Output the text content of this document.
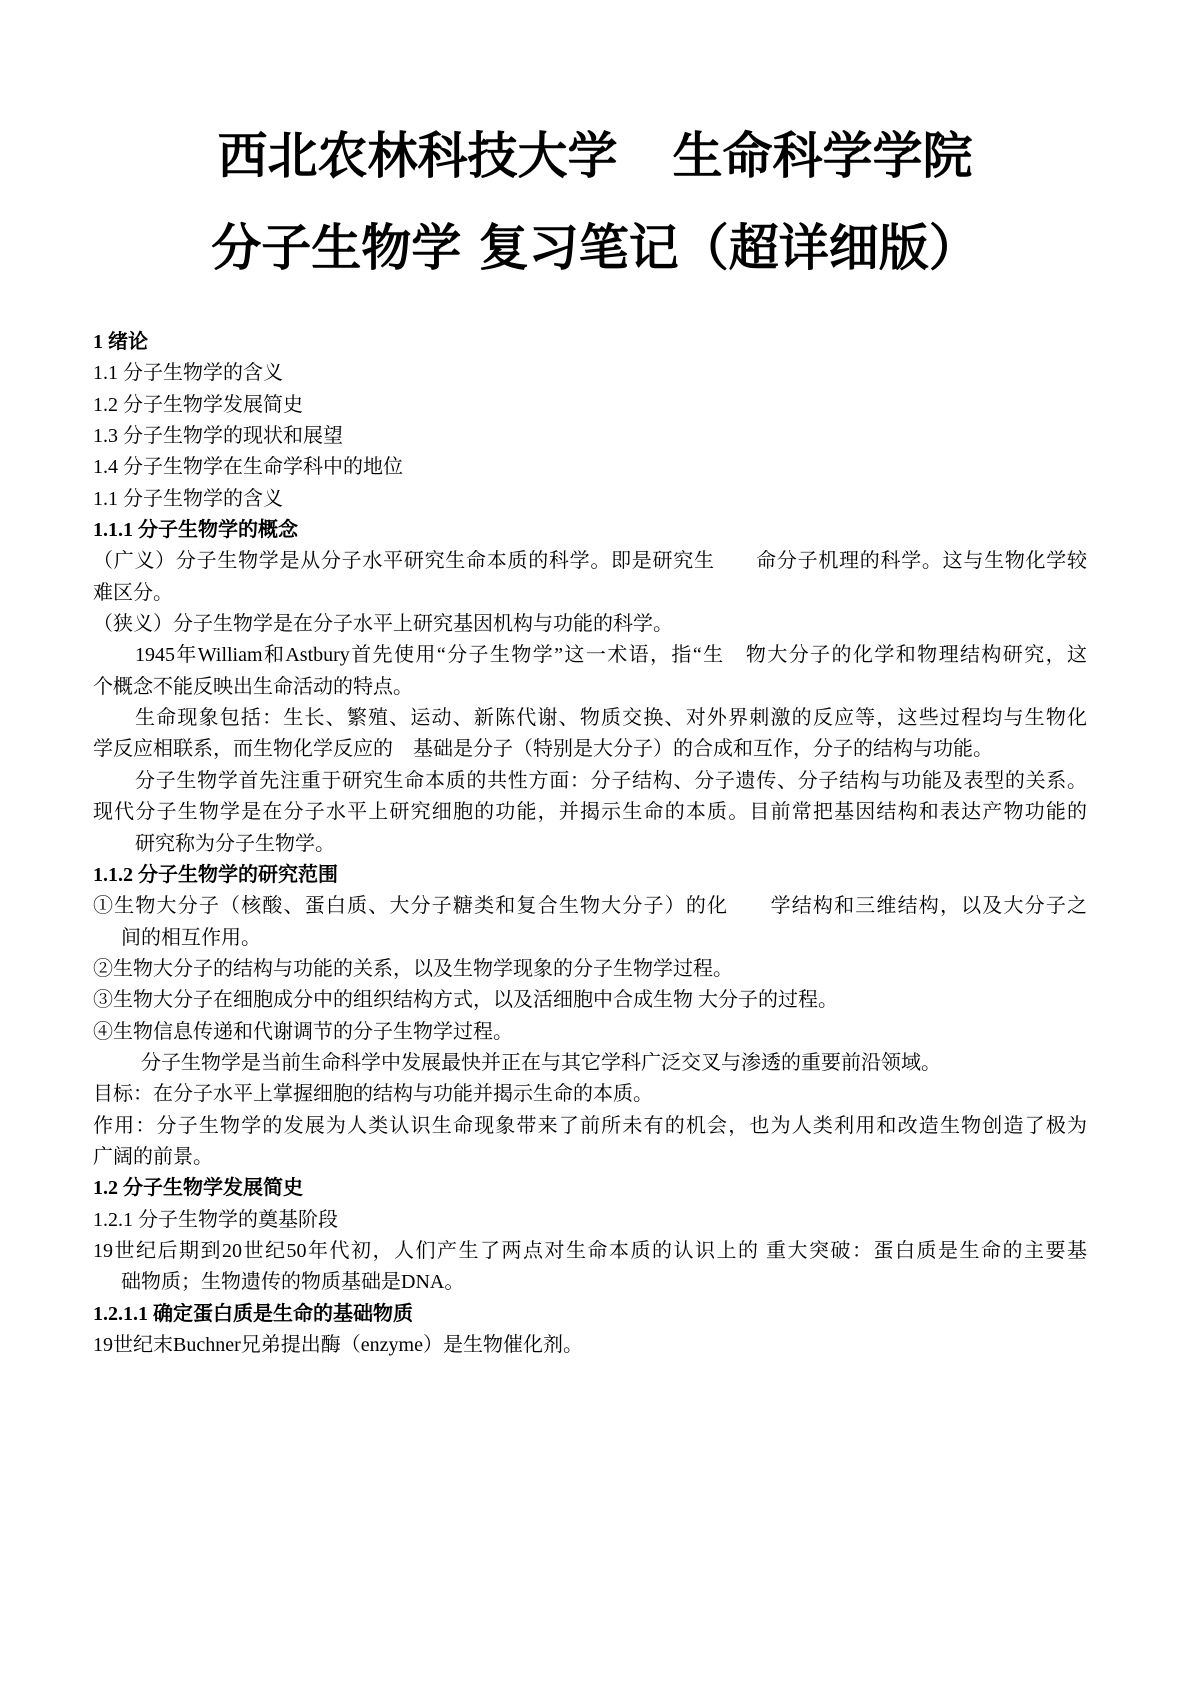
西北农林科技大学 生命科学学院
分子生物学 复习笔记（超详细版）
1 绪论
1.1 分子生物学的含义
1.2 分子生物学发展简史
1.3 分子生物学的现状和展望
1.4 分子生物学在生命学科中的地位
1.1 分子生物学的含义
1.1.1 分子生物学的概念
（广义）分子生物学是从分子水平研究生命本质的科学。即是研究生　　命分子机理的科学。这与生物化学较
难区分。
（狭义）分子生物学是在分子水平上研究基因机构与功能的科学。
1945年William和Astbury首先使用“分子生物学”这一术语，指“生　物大分子的化学和物理结构研究，这
个概念不能反映出生命活动的特点。
生命现象包括：生长、繁殖、运动、新陈代谢、物质交换、对外界刺激的反应等，这些过程均与生物化
学反应相联系，而生物化学反应的　基础是分子（特别是大分子）的合成和互作，分子的结构与功能。
分子生物学首先注重于研究生命本质的共性方面：分子结构、分子遗传、分子结构与功能及表型的关系。
现代分子生物学是在分子水平上研究细胞的功能，并揭示生命的本质。目前常把基因结构和表达产物功能的
研究称为分子生物学。
1.1.2 分子生物学的研究范围
①生物大分子（核酸、蛋白质、大分子糖类和复合生物大分子）的化　　学结构和三维结构，以及大分子之
间的相互作用。
②生物大分子的结构与功能的关系，以及生物学现象的分子生物学过程。
③生物大分子在细胞成分中的组织结构方式，以及活细胞中合成生物 大分子的过程。
④生物信息传递和代谢调节的分子生物学过程。
分子生物学是当前生命科学中发展最快并正在与其它学科广泛交叉与渗透的重要前沿领域。
目标：在分子水平上掌握细胞的结构与功能并揭示生命的本质。
作用：分子生物学的发展为人类认识生命现象带来了前所未有的机会，也为人类利用和改造生物创造了极为
广阔的前景。
1.2 分子生物学发展简史
1.2.1 分子生物学的奠基阶段
19世纪后期到20世纪50年代初，人们产生了两点对生命本质的认识上的 重大突破：蛋白质是生命的主要基
础物质；生物遗传的物质基础是DNA。
1.2.1.1 确定蛋白质是生命的基础物质
19世纪末Buchner兄弟提出酶（enzyme）是生物催化剂。
